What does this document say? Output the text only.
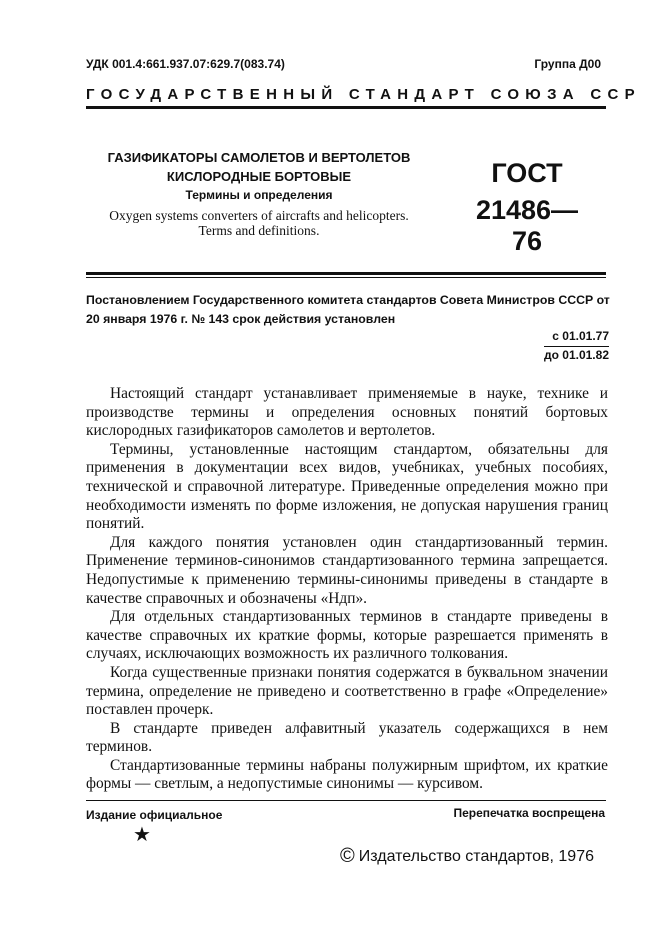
УДК 001.4:661.937.07:629.7(083.74)	Группа Д00
ГОСУДАРСТВЕННЫЙ СТАНДАРТ СОЮЗА ССР
ГАЗИФИКАТОРЫ САМОЛЕТОВ И ВЕРТОЛЕТОВ
КИСЛОРОДНЫЕ БОРТОВЫЕ
Термины и определения
Oxygen systems converters of aircrafts and helicopters. Terms and definitions.
ГОСТ
21486—76
Постановлением Государственного комитета стандартов Совета Министров СССР от 20 января 1976 г. № 143 срок действия установлен
с 01.01.77
до 01.01.82

Настоящий стандарт устанавливает применяемые в науке, технике и производстве термины и определения основных понятий бортовых кислородных газификаторов самолетов и вертолетов.

Термины, установленные настоящим стандартом, обязательны для применения в документации всех видов, учебниках, учебных пособиях, технической и справочной литературе. Приведенные определения можно при необходимости изменять по форме изложения, не допуская нарушения границ понятий.

Для каждого понятия установлен один стандартизованный термин. Применение терминов-синонимов стандартизованного термина запрещается. Недопустимые к применению термины-синонимы приведены в стандарте в качестве справочных и обозначены «Ндп».

Для отдельных стандартизованных терминов в стандарте приведены в качестве справочных их краткие формы, которые разрешается применять в случаях, исключающих возможность их различного толкования.

Когда существенные признаки понятия содержатся в буквальном значении термина, определение не приведено и соответственно в графе «Определение» поставлен прочерк.

В стандарте приведен алфавитный указатель содержащихся в нем терминов.

Стандартизованные термины набраны полужирным шрифтом, их краткие формы — светлым, а недопустимые синонимы — курсивом.

Издание официальное	Перепечатка воспрещена
★
© Издательство стандартов, 1976
